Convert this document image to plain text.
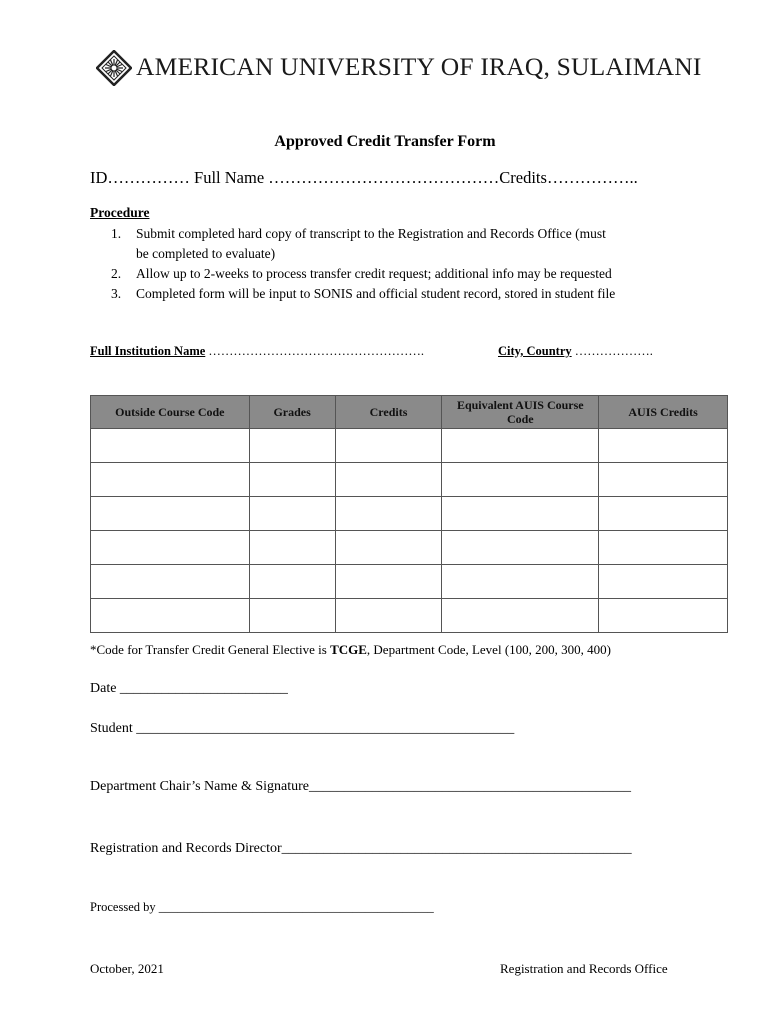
AMERICAN UNIVERSITY OF IRAQ, SULAIMANI
Approved Credit Transfer Form
ID…………… Full Name ……………………………………Credits……………..
Procedure
1. Submit completed hard copy of transcript to the Registration and Records Office (must
be completed to evaluate)
2. Allow up to 2-weeks to process transfer credit request; additional info may be requested
3. Completed form will be input to SONIS and official student record, stored in student file
Full Institution Name …………………………………………….	City, Country ……………….
Outside Course Code	Grades	Credits	Equivalent AUIS Course Code	AUIS Credits

*Code for Transfer Credit General Elective is TCGE, Department Code, Level (100, 200, 300, 400)
Date ________________________
Student ______________________________________________________
Department Chair’s Name & Signature______________________________________________
Registration and Records Director__________________________________________________
Processed by ____________________________________________
October, 2021	Registration and Records Office
